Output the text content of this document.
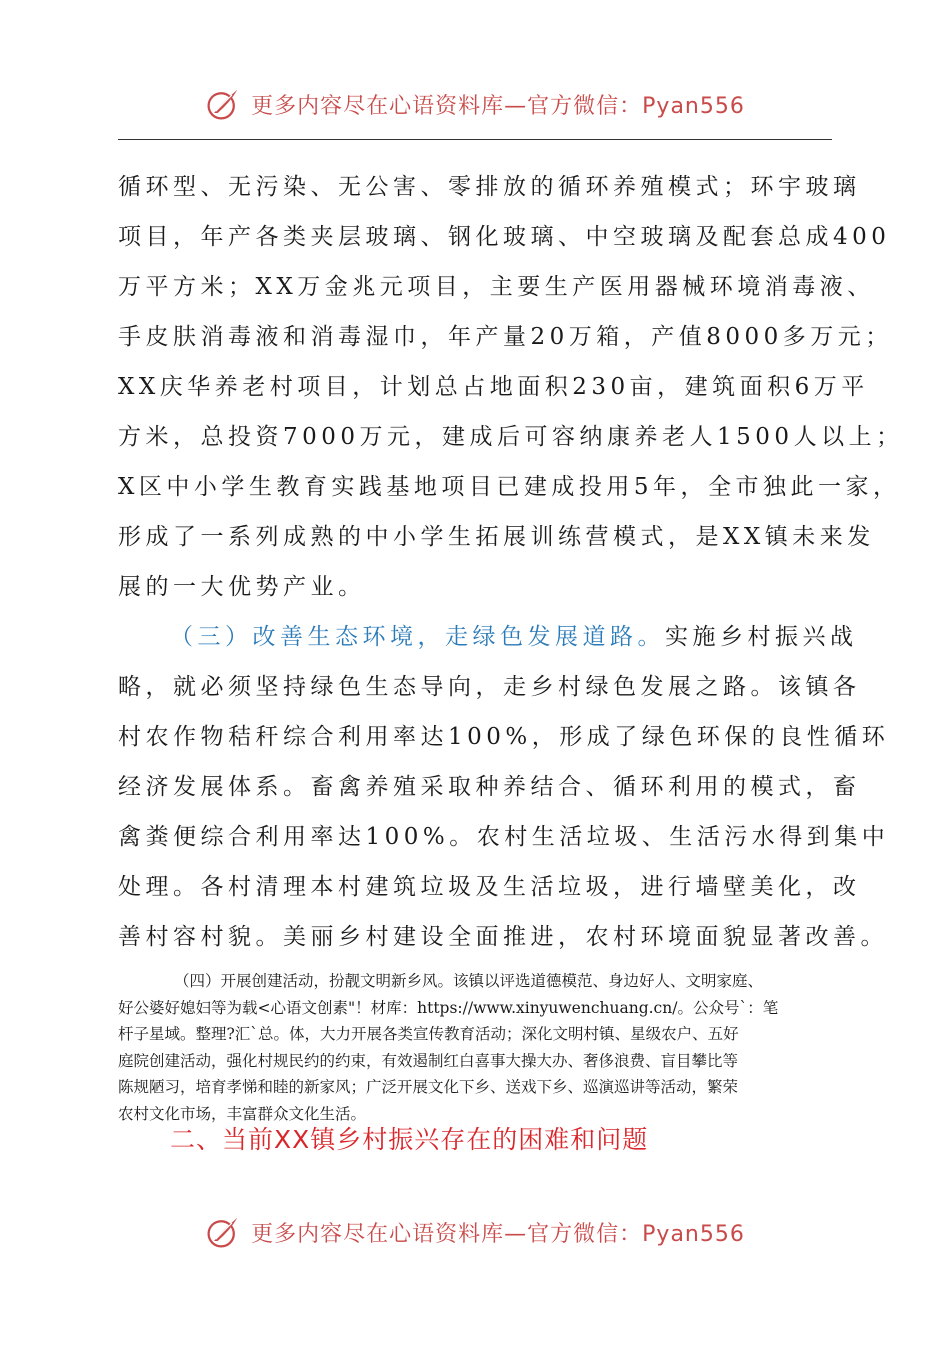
更多内容尽在心语资料库—官方微信：Pyan556

循环型、无污染、无公害、零排放的循环养殖模式；环宇玻璃
项目，年产各类夹层玻璃、钢化玻璃、中空玻璃及配套总成400
万平方米；XX万金兆元项目，主要生产医用器械环境消毒液、
手皮肤消毒液和消毒湿巾，年产量20万箱，产值8000多万元；
XX庆华养老村项目，计划总占地面积230亩，建筑面积6万平
方米，总投资7000万元，建成后可容纳康养老人1500人以上；
X区中小学生教育实践基地项目已建成投用5年，全市独此一家，
形成了一系列成熟的中小学生拓展训练营模式，是XX镇未来发
展的一大优势产业。

（三）改善生态环境，走绿色发展道路。实施乡村振兴战
略，就必须坚持绿色生态导向，走乡村绿色发展之路。该镇各
村农作物秸秆综合利用率达100%，形成了绿色环保的良性循环
经济发展体系。畜禽养殖采取种养结合、循环利用的模式，畜
禽粪便综合利用率达100%。农村生活垃圾、生活污水得到集中
处理。各村清理本村建筑垃圾及生活垃圾，进行墙壁美化，改
善村容村貌。美丽乡村建设全面推进，农村环境面貌显著改善。

（四）开展创建活动，扮靓文明新乡风。该镇以评选道德模范、身边好人、文明家庭、
好公婆好媳妇等为载<心语文创素"！材库：https://www.xinyuwenchuang.cn/。公众号`：笔
杆子星域。整理?汇`总。体，大力开展各类宣传教育活动；深化文明村镇、星级农户、五好
庭院创建活动，强化村规民约的约束，有效遏制红白喜事大操大办、奢侈浪费、盲目攀比等
陈规陋习，培育孝悌和睦的新家风；广泛开展文化下乡、送戏下乡、巡演巡讲等活动，繁荣
农村文化市场，丰富群众文化生活。

二、当前XX镇乡村振兴存在的困难和问题
更多内容尽在心语资料库—官方微信：Pyan556
